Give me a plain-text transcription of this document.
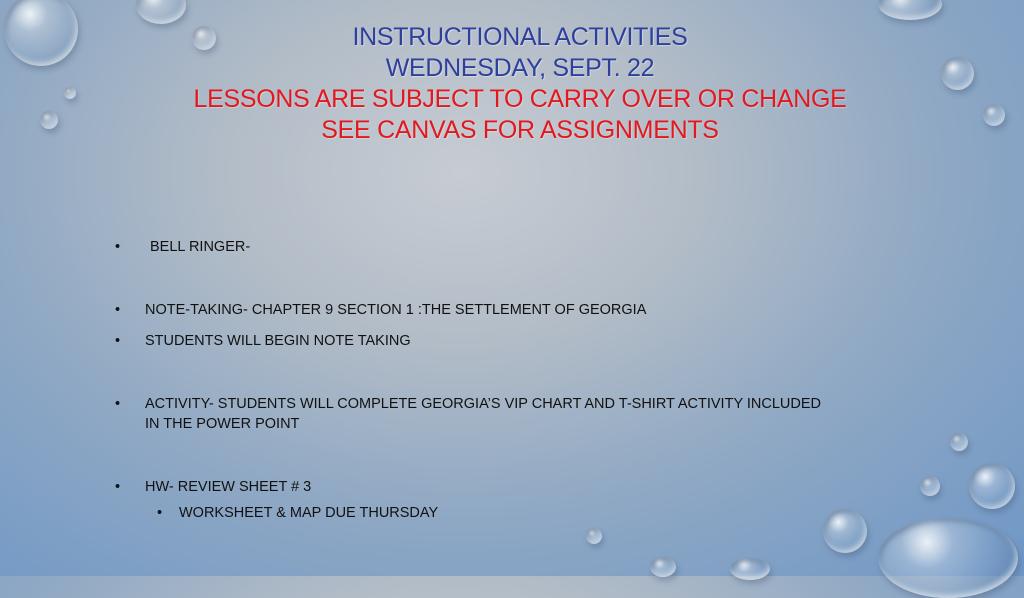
INSTRUCTIONAL ACTIVITIES
WEDNESDAY, SEPT. 22
LESSONS ARE SUBJECT TO CARRY OVER OR CHANGE
SEE CANVAS FOR ASSIGNMENTS
•	BELL RINGER-
•	NOTE-TAKING- CHAPTER 9 SECTION 1 :THE SETTLEMENT OF GEORGIA
•	STUDENTS WILL BEGIN NOTE TAKING
•	ACTIVITY- STUDENTS WILL COMPLETE GEORGIA’S VIP CHART AND T-SHIRT ACTIVITY INCLUDED IN THE POWER POINT
•	HW- REVIEW SHEET # 3
•	WORKSHEET & MAP DUE THURSDAY
